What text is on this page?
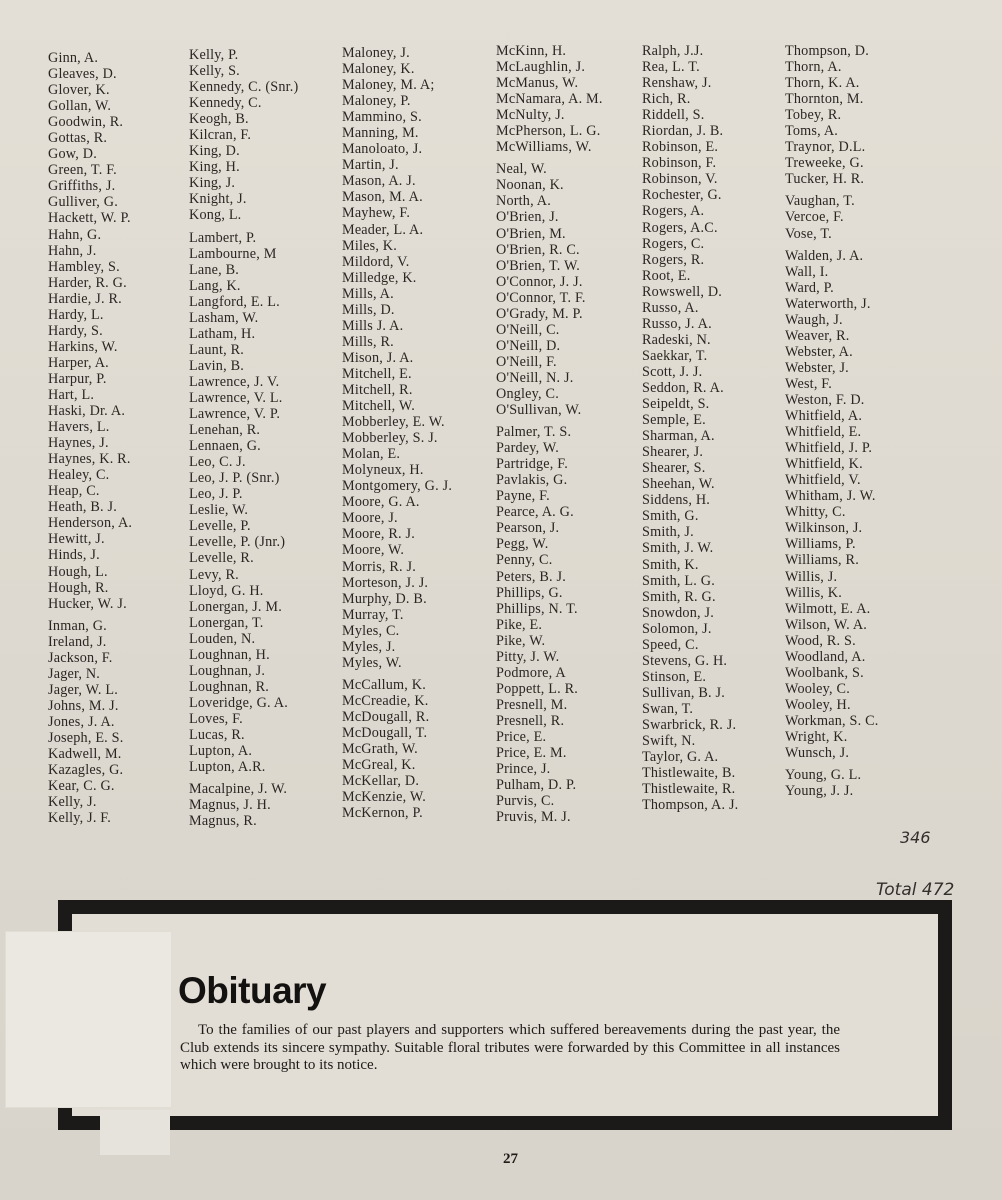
Ginn, A.
Gleaves, D.
Glover, K.
Gollan, W.
Goodwin, R.
Gottas, R.
Gow, D.
Green, T. F.
Griffiths, J.
Gulliver, G.
Hackett, W. P.
Hahn, G.
Hahn, J.
Hambley, S.
Harder, R. G.
Hardie, J. R.
Hardy, L.
Hardy, S.
Harkins, W.
Harper, A.
Harpur, P.
Hart, L.
Haski, Dr. A.
Havers, L.
Haynes, J.
Haynes, K. R.
Healey, C.
Heap, C.
Heath, B. J.
Henderson, A.
Hewitt, J.
Hinds, J.
Hough, L.
Hough, R.
Hucker, W. J.
Inman, G.
Ireland, J.
Jackson, F.
Jager, N.
Jager, W. L.
Johns, M. J.
Jones, J. A.
Joseph, E. S.
Kadwell, M.
Kazagles, G.
Kear, C. G.
Kelly, J.
Kelly, J. F.
Kelly, P.
Kelly, S.
Kennedy, C. (Snr.)
Kennedy, C.
Keogh, B.
Kilcran, F.
King, D.
King, H.
King, J.
Knight, J.
Kong, L.
Lambert, P.
Lambourne, M
Lane, B.
Lang, K.
Langford, E. L.
Lasham, W.
Latham, H.
Launt, R.
Lavin, B.
Lawrence, J. V.
Lawrence, V. L.
Lawrence, V. P.
Lenehan, R.
Lennaen, G.
Leo, C. J.
Leo, J. P. (Snr.)
Leo, J. P.
Leslie, W.
Levelle, P.
Levelle, P. (Jnr.)
Levelle, R.
Levy, R.
Lloyd, G. H.
Lonergan, J. M.
Lonergan, T.
Louden, N.
Loughnan, H.
Loughnan, J.
Loughnan, R.
Loveridge, G. A.
Loves, F.
Lucas, R.
Lupton, A.
Lupton, A.R.
Macalpine, J. W.
Magnus, J. H.
Magnus, R.
Maloney, J.
Maloney, K.
Maloney, M. A;
Maloney, P.
Mammino, S.
Manning, M.
Manoloato, J.
Martin, J.
Mason, A. J.
Mason, M. A.
Mayhew, F.
Meader, L. A.
Miles, K.
Mildord, V.
Milledge, K.
Mills, A.
Mills, D.
Mills J. A.
Mills, R.
Mison, J. A.
Mitchell, E.
Mitchell, R.
Mitchell, W.
Mobberley, E. W.
Mobberley, S. J.
Molan, E.
Molyneux, H.
Montgomery, G. J.
Moore, G. A.
Moore, J.
Moore, R. J.
Moore, W.
Morris, R. J.
Morteson, J. J.
Murphy, D. B.
Murray, T.
Myles, C.
Myles, J.
Myles, W.
McCallum, K.
McCreadie, K.
McDougall, R.
McDougall, T.
McGrath, W.
McGreal, K.
McKellar, D.
McKenzie, W.
McKernon, P.
McKinn, H.
McLaughlin, J.
McManus, W.
McNamara, A. M.
McNulty, J.
McPherson, L. G.
McWilliams, W.
Neal, W.
Noonan, K.
North, A.
O'Brien, J.
O'Brien, M.
O'Brien, R. C.
O'Brien, T. W.
O'Connor, J. J.
O'Connor, T. F.
O'Grady, M. P.
O'Neill, C.
O'Neill, D.
O'Neill, F.
O'Neill, N. J.
Ongley, C.
O'Sullivan, W.
Palmer, T. S.
Pardey, W.
Partridge, F.
Pavlakis, G.
Payne, F.
Pearce, A. G.
Pearson, J.
Pegg, W.
Penny, C.
Peters, B. J.
Phillips, G.
Phillips, N. T.
Pike, E.
Pike, W.
Pitty, J. W.
Podmore, A
Poppett, L. R.
Presnell, M.
Presnell, R.
Price, E.
Price, E. M.
Prince, J.
Pulham, D. P.
Purvis, C.
Pruvis, M. J.
Ralph, J.J.
Rea, L. T.
Renshaw, J.
Rich, R.
Riddell, S.
Riordan, J. B.
Robinson, E.
Robinson, F.
Robinson, V.
Rochester, G.
Rogers, A.
Rogers, A.C.
Rogers, C.
Rogers, R.
Root, E.
Rowswell, D.
Russo, A.
Russo, J. A.
Radeski, N.
Saekkar, T.
Scott, J. J.
Seddon, R. A.
Seipeldt, S.
Semple, E.
Sharman, A.
Shearer, J.
Shearer, S.
Sheehan, W.
Siddens, H.
Smith, G.
Smith, J.
Smith, J. W.
Smith, K.
Smith, L. G.
Smith, R. G.
Snowdon, J.
Solomon, J.
Speed, C.
Stevens, G. H.
Stinson, E.
Sullivan, B. J.
Swan, T.
Swarbrick, R. J.
Swift, N.
Taylor, G. A.
Thistlewaite, B.
Thistlewaite, R.
Thompson, A. J.
Thompson, D.
Thorn, A.
Thorn, K. A.
Thornton, M.
Tobey, R.
Toms, A.
Traynor, D.L.
Treweeke, G.
Tucker, H. R.
Vaughan, T.
Vercoe, F.
Vose, T.
Walden, J. A.
Wall, I.
Ward, P.
Waterworth, J.
Waugh, J.
Weaver, R.
Webster, A.
Webster, J.
West, F.
Weston, F. D.
Whitfield, A.
Whitfield, E.
Whitfield, J. P.
Whitfield, K.
Whitfield, V.
Whitham, J. W.
Whitty, C.
Wilkinson, J.
Williams, P.
Williams, R.
Willis, J.
Willis, K.
Wilmott, E. A.
Wilson, W. A.
Wood, R. S.
Woodland, A.
Woolbank, S.
Wooley, C.
Wooley, H.
Workman, S. C.
Wright, K.
Wunsch, J.
Young, G. L.
Young, J. J.
346
Total 472
Obituary
To the families of our past players and supporters which suffered bereavements during the past year, the Club extends its sincere sympathy. Suitable floral tributes were forwarded by this Committee in all instances which were brought to its notice.
27
